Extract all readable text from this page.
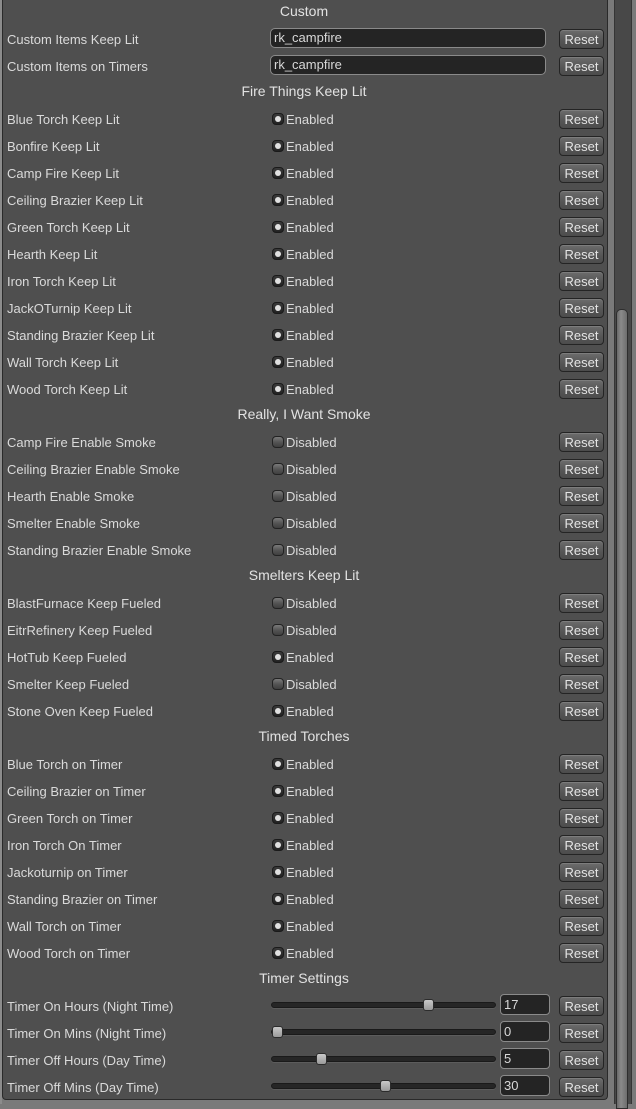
Custom
Custom Items Keep Lit	rk_campfire	Reset
Custom Items on Timers	rk_campfire	Reset
Fire Things Keep Lit
Blue Torch Keep Lit	Enabled	Reset
Bonfire Keep Lit	Enabled	Reset
Camp Fire Keep Lit	Enabled	Reset
Ceiling Brazier Keep Lit	Enabled	Reset
Green Torch Keep Lit	Enabled	Reset
Hearth Keep Lit	Enabled	Reset
Iron Torch Keep Lit	Enabled	Reset
JackOTurnip Keep Lit	Enabled	Reset
Standing Brazier Keep Lit	Enabled	Reset
Wall Torch Keep Lit	Enabled	Reset
Wood Torch Keep Lit	Enabled	Reset
Really, I Want Smoke
Camp Fire Enable Smoke	Disabled	Reset
Ceiling Brazier Enable Smoke	Disabled	Reset
Hearth Enable Smoke	Disabled	Reset
Smelter Enable Smoke	Disabled	Reset
Standing Brazier Enable Smoke	Disabled	Reset
Smelters Keep Lit
BlastFurnace Keep Fueled	Disabled	Reset
EitrRefinery Keep Fueled	Disabled	Reset
HotTub Keep Fueled	Enabled	Reset
Smelter Keep Fueled	Disabled	Reset
Stone Oven Keep Fueled	Enabled	Reset
Timed Torches
Blue Torch on Timer	Enabled	Reset
Ceiling Brazier on Timer	Enabled	Reset
Green Torch on Timer	Enabled	Reset
Iron Torch On Timer	Enabled	Reset
Jackoturnip on Timer	Enabled	Reset
Standing Brazier on Timer	Enabled	Reset
Wall Torch on Timer	Enabled	Reset
Wood Torch on Timer	Enabled	Reset
Timer Settings
Timer On Hours (Night Time)	17	Reset
Timer On Mins (Night Time)	0	Reset
Timer Off Hours (Day Time)	5	Reset
Timer Off Mins (Day Time)	30	Reset
